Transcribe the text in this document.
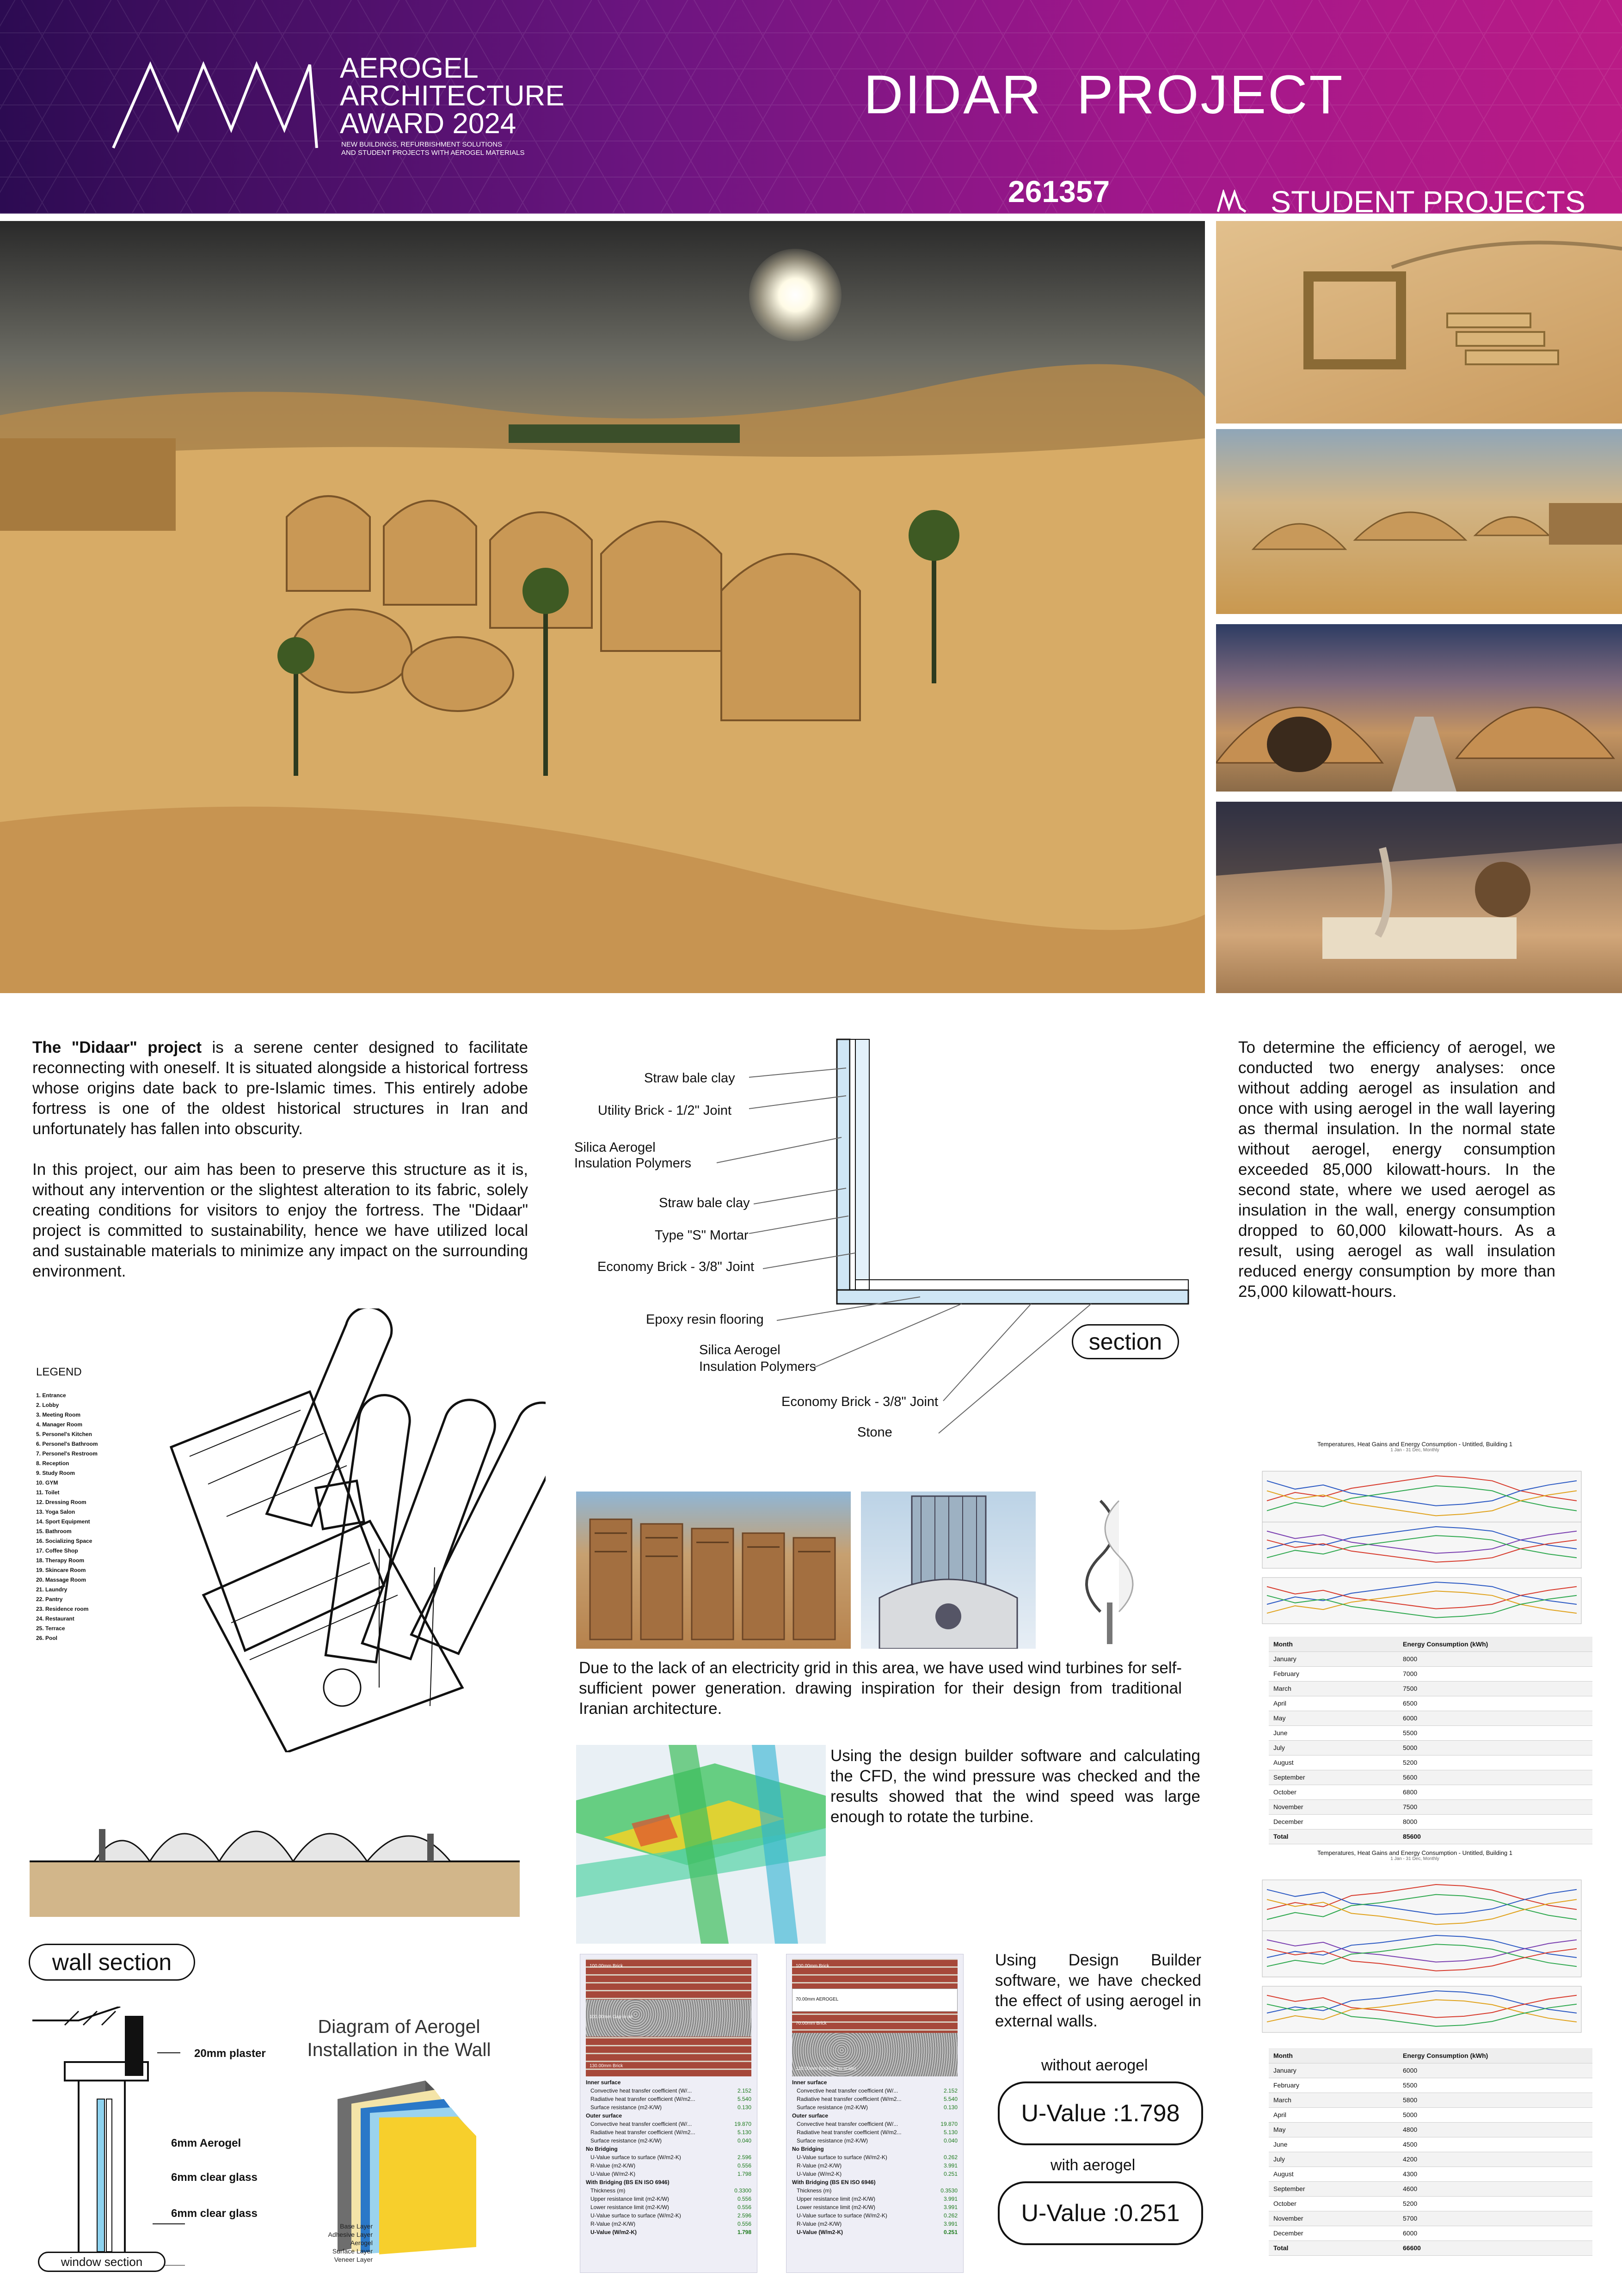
AEROGEL
ARCHITECTURE
AWARD 2024
NEW BUILDINGS, REFURBISHMENT SOLUTIONS
AND STUDENT PROJECTS WITH AEROGEL MATERIALS
DIDAR  PROJECT
261357	STUDENT PROJECTS
The "Didaar" project is a serene center designed to facilitate reconnecting with oneself. It is situated alongside a historical fortress whose origins date back to pre-Islamic times. This entirely adobe fortress is one of the oldest historical structures in Iran and unfortunately has fallen into obscurity.
In this project, our aim has been to preserve this structure as it is, without any intervention or the slightest alteration to its fabric, solely creating conditions for visitors to enjoy the fortress. The "Didaar" project is committed to sustainability, hence we have utilized local and sustainable materials to minimize any impact on the surrounding environment.
Straw bale clay
Utility Brick - 1/2" Joint
Silica Aerogel
Insulation Polymers
Straw bale clay
Type "S" Mortar
Economy Brick - 3/8" Joint
Epoxy resin flooring
Silica Aerogel
Insulation Polymers
Economy Brick - 3/8" Joint
Stone
section
To determine the efficiency of aerogel, we conducted two energy analyses: once without adding aerogel as insulation and once with using aerogel in the wall layering as thermal insulation. In the normal state without aerogel, energy consumption exceeded 85,000 kilowatt-hours. In the second state, where we used aerogel as insulation in the wall, energy consumption dropped to 60,000 kilowatt-hours. As a result, using aerogel as wall insulation reduced energy consumption by more than 25,000 kilowatt-hours.
LEGEND
1. Entrance
2. Lobby
3. Meeting Room
4. Manager Room
5. Personel's Kitchen
6. Personel's Bathroom
7. Personel's Restroom
8. Reception
9. Study Room
10. GYM
11. Toilet
12. Dressing Room
13. Yoga Salon
14. Sport Equipment
15. Bathroom
16. Socializing Space
17. Coffee Shop
18. Therapy Room
19. Skincare Room
20. Massage Room
21. Laundry
22. Pantry
23. Residence room
24. Restaurant
25. Terrace
26. Pool
Due to the lack of an electricity grid in this area, we have used wind turbines for self-sufficient power generation. drawing inspiration for their design from traditional Iranian architecture.
Using the design builder software and calculating the CFD, the wind pressure was checked and the results showed that the wind speed was large enough to rotate the turbine.
100.00mm Brick
100.00mm Gap in air
130.00mm Brick
Inner surface
Convective heat transfer coefficient (W/...	2.152
Radiative heat transfer coefficient (W/m2...	5.540
Surface resistance (m2-K/W)	0.130
Outer surface
Convective heat transfer coefficient (W/...	19.870
Radiative heat transfer coefficient (W/m2...	5.130
Surface resistance (m2-K/W)	0.040
No Bridging
U-Value surface to surface (W/m2-K)	2.596
R-Value (m2-K/W)	0.556
U-Value (W/m2-K)	1.798
With Bridging (BS EN ISO 6946)
Thickness (m)	0.3300
Upper resistance limit (m2-K/W)	0.556
Lower resistance limit (m2-K/W)	0.556
U-Value surface to surface (W/m2-K)	2.596
R-Value (m2-K/W)	0.556
U-Value (W/m2-K)	1.798
100.00mm Brick
70.00mm AEROGEL
70.00mm Brick
120.00mm Brick(not to scale)
Inner surface
Convective heat transfer coefficient (W/...	2.152
Radiative heat transfer coefficient (W/m2...	5.540
Surface resistance (m2-K/W)	0.130
Outer surface
Convective heat transfer coefficient (W/...	19.870
Radiative heat transfer coefficient (W/m2...	5.130
Surface resistance (m2-K/W)	0.040
No Bridging
U-Value surface to surface (W/m2-K)	0.262
R-Value (m2-K/W)	3.991
U-Value (W/m2-K)	0.251
With Bridging (BS EN ISO 6946)
Thickness (m)	0.3530
Upper resistance limit (m2-K/W)	3.991
Lower resistance limit (m2-K/W)	3.991
U-Value surface to surface (W/m2-K)	0.262
R-Value (m2-K/W)	3.991
U-Value (W/m2-K)	0.251
Using Design Builder software, we have checked the effect of using aerogel in external walls.
without aerogel
U-Value :1.798
with aerogel
U-Value :0.251
wall section
20mm plaster
6mm Aerogel
6mm clear glass
6mm clear glass
window section
Diagram of Aerogel
Installation in the Wall
Base Layer
Adhesive Layer
Aerogel
Surface Layer
Veneer Layer
Temperatures, Heat Gains and Energy Consumption - Untitled, Building 1
1 Jan - 31 Dec, Monthly
Temperatures, Heat Gains and Energy Consumption - Untitled, Building 1
1 Jan - 31 Dec, Monthly
Month	Energy Consumption (kWh)
January	8000
February	7000
March	7500
April	6500
May	6000
June	5500
July	5000
August	5200
September	5600
October	6800
November	7500
December	8000
Total	85600
Month	Energy Consumption (kWh)
January	6000
February	5500
March	5800
April	5000
May	4800
June	4500
July	4200
August	4300
September	4600
October	5200
November	5700
December	6000
Total	66600
